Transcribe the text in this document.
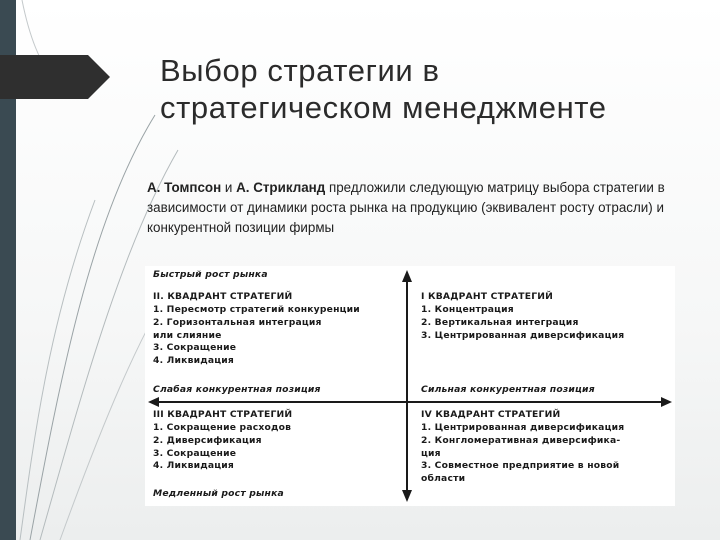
Выбор стратегии в
стратегическом менеджменте

А. Томпсон и А. Стрикланд предложили следующую матрицу выбора стратегии в зависимости от динамики роста рынка на продукцию (эквивалент росту отрасли) и конкурентной позиции фирмы

Быстрый рост рынка

II. КВАДРАНТ СТРАТЕГИЙ

1. Пересмотр стратегий конкуренции
2. Горизонтальная интеграция
или слияние
3. Сокращение
4. Ликвидация

I КВАДРАНТ СТРАТЕГИЙ

1. Концентрация
2. Вертикальная интеграция
3. Центрированная диверсификация

Слабая конкурентная позиция	Сильная конкурентная позиция

III КВАДРАНТ СТРАТЕГИЙ

1. Сокращение расходов
2. Диверсификация
3. Сокращение
4. Ликвидация

IV КВАДРАНТ СТРАТЕГИЙ

1. Центрированная диверсификация
2. Конгломеративная диверсифика-
ция
3. Совместное предприятие в новой
области

Медленный рост рынка
